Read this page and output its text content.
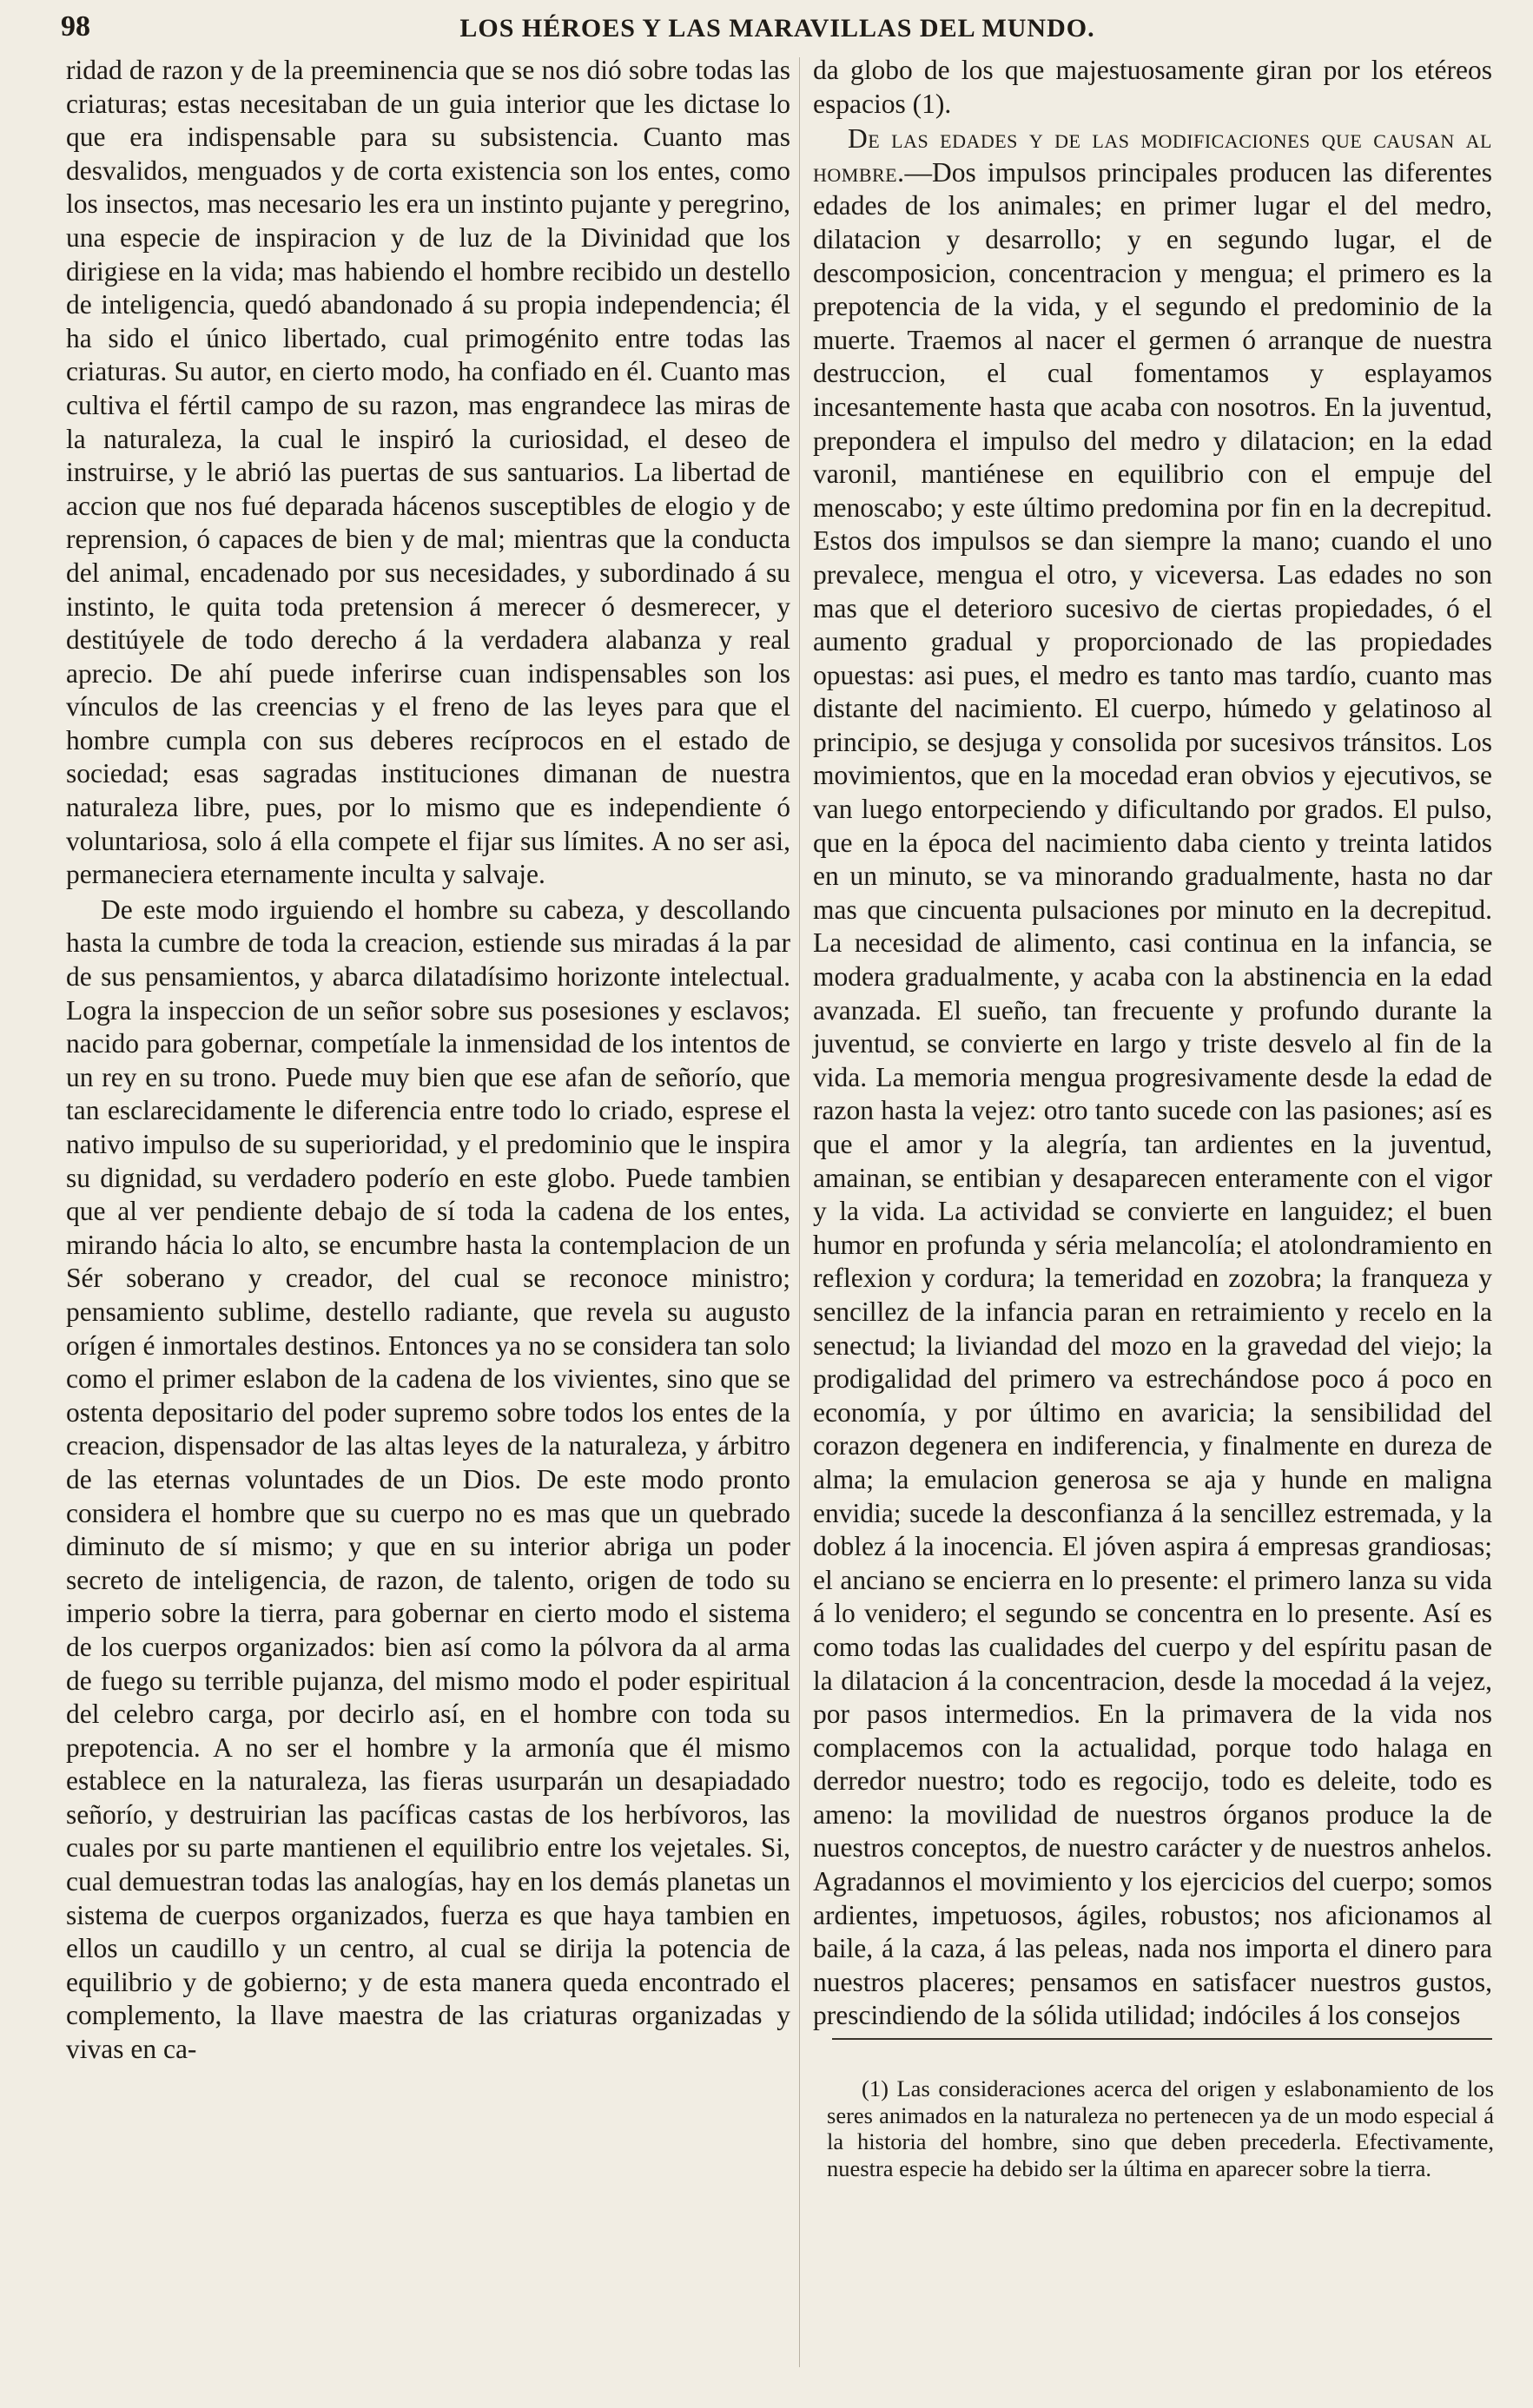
98	LOS HÉROES Y LAS MARAVILLAS DEL MUNDO.

ridad de razon y de la preeminencia que se nos dió sobre todas las criaturas; estas necesitaban de un guia interior que les dictase lo que era indispensable para su subsistencia. Cuanto mas desvalidos, menguados y de corta existencia son los entes, como los insectos, mas necesario les era un instinto pujante y peregrino, una especie de inspiracion y de luz de la Divinidad que los dirigiese en la vida; mas habiendo el hombre recibido un destello de inteligencia, quedó abandonado á su propia independencia; él ha sido el único libertado, cual primogénito entre todas las criaturas. Su autor, en cierto modo, ha confiado en él. Cuanto mas cultiva el fértil campo de su razon, mas engrandece las miras de la naturaleza, la cual le inspiró la curiosidad, el deseo de instruirse, y le abrió las puertas de sus santuarios. La libertad de accion que nos fué deparada hácenos susceptibles de elogio y de reprension, ó capaces de bien y de mal; mientras que la conducta del animal, encadenado por sus necesidades, y subordinado á su instinto, le quita toda pretension á merecer ó desmerecer, y destitúyele de todo derecho á la verdadera alabanza y real aprecio. De ahí puede inferirse cuan indispensables son los vínculos de las creencias y el freno de las leyes para que el hombre cumpla con sus deberes recíprocos en el estado de sociedad; esas sagradas instituciones dimanan de nuestra naturaleza libre, pues, por lo mismo que es independiente ó voluntariosa, solo á ella compete el fijar sus límites. A no ser asi, permaneciera eternamente inculta y salvaje.

De este modo irguiendo el hombre su cabeza, y descollando hasta la cumbre de toda la creacion, estiende sus miradas á la par de sus pensamientos, y abarca dilatadísimo horizonte intelectual. Logra la inspeccion de un señor sobre sus posesiones y esclavos; nacido para gobernar, competíale la inmensidad de los intentos de un rey en su trono. Puede muy bien que ese afan de señorío, que tan esclarecidamente le diferencia entre todo lo criado, esprese el nativo impulso de su superioridad, y el predominio que le inspira su dignidad, su verdadero poderío en este globo. Puede tambien que al ver pendiente debajo de sí toda la cadena de los entes, mirando hácia lo alto, se encumbre hasta la contemplacion de un Sér soberano y creador, del cual se reconoce ministro; pensamiento sublime, destello radiante, que revela su augusto orígen é inmortales destinos. Entonces ya no se considera tan solo como el primer eslabon de la cadena de los vivientes, sino que se ostenta depositario del poder supremo sobre todos los entes de la creacion, dispensador de las altas leyes de la naturaleza, y árbitro de las eternas voluntades de un Dios. De este modo pronto considera el hombre que su cuerpo no es mas que un quebrado diminuto de sí mismo; y que en su interior abriga un poder secreto de inteligencia, de razon, de talento, origen de todo su imperio sobre la tierra, para gobernar en cierto modo el sistema de los cuerpos organizados: bien así como la pólvora da al arma de fuego su terrible pujanza, del mismo modo el poder espiritual del celebro carga, por decirlo así, en el hombre con toda su prepotencia. A no ser el hombre y la armonía que él mismo establece en la naturaleza, las fieras usurparán un desapiadado señorío, y destruirian las pacíficas castas de los herbívoros, las cuales por su parte mantienen el equilibrio entre los vejetales. Si, cual demuestran todas las analogías, hay en los demás planetas un sistema de cuerpos organizados, fuerza es que haya tambien en ellos un caudillo y un centro, al cual se dirija la potencia de equilibrio y de gobierno; y de esta manera queda encontrado el complemento, la llave maestra de las criaturas organizadas y vivas en ca-

da globo de los que majestuosamente giran por los etéreos espacios (1).

De las edades y de las modificaciones que causan al hombre.—Dos impulsos principales producen las diferentes edades de los animales; en primer lugar el del medro, dilatacion y desarrollo; y en segundo lugar, el de descomposicion, concentracion y mengua; el primero es la prepotencia de la vida, y el segundo el predominio de la muerte. Traemos al nacer el germen ó arranque de nuestra destruccion, el cual fomentamos y esplayamos incesantemente hasta que acaba con nosotros. En la juventud, prepondera el impulso del medro y dilatacion; en la edad varonil, mantiénese en equilibrio con el empuje del menoscabo; y este último predomina por fin en la decrepitud. Estos dos impulsos se dan siempre la mano; cuando el uno prevalece, mengua el otro, y viceversa. Las edades no son mas que el deterioro sucesivo de ciertas propiedades, ó el aumento gradual y proporcionado de las propiedades opuestas: asi pues, el medro es tanto mas tardío, cuanto mas distante del nacimiento. El cuerpo, húmedo y gelatinoso al principio, se desjuga y consolida por sucesivos tránsitos. Los movimientos, que en la mocedad eran obvios y ejecutivos, se van luego entorpeciendo y dificultando por grados. El pulso, que en la época del nacimiento daba ciento y treinta latidos en un minuto, se va minorando gradualmente, hasta no dar mas que cincuenta pulsaciones por minuto en la decrepitud. La necesidad de alimento, casi continua en la infancia, se modera gradualmente, y acaba con la abstinencia en la edad avanzada. El sueño, tan frecuente y profundo durante la juventud, se convierte en largo y triste desvelo al fin de la vida. La memoria mengua progresivamente desde la edad de razon hasta la vejez: otro tanto sucede con las pasiones; así es que el amor y la alegría, tan ardientes en la juventud, amainan, se entibian y desaparecen enteramente con el vigor y la vida. La actividad se convierte en languidez; el buen humor en profunda y séria melancolía; el atolondramiento en reflexion y cordura; la temeridad en zozobra; la franqueza y sencillez de la infancia paran en retraimiento y recelo en la senectud; la liviandad del mozo en la gravedad del viejo; la prodigalidad del primero va estrechándose poco á poco en economía, y por último en avaricia; la sensibilidad del corazon degenera en indiferencia, y finalmente en dureza de alma; la emulacion generosa se aja y hunde en maligna envidia; sucede la desconfianza á la sencillez estremada, y la doblez á la inocencia. El jóven aspira á empresas grandiosas; el anciano se encierra en lo presente: el primero lanza su vida á lo venidero; el segundo se concentra en lo presente. Así es como todas las cualidades del cuerpo y del espíritu pasan de la dilatacion á la concentracion, desde la mocedad á la vejez, por pasos intermedios. En la primavera de la vida nos complacemos con la actualidad, porque todo halaga en derredor nuestro; todo es regocijo, todo es deleite, todo es ameno: la movilidad de nuestros órganos produce la de nuestros conceptos, de nuestro carácter y de nuestros anhelos. Agradannos el movimiento y los ejercicios del cuerpo; somos ardientes, impetuosos, ágiles, robustos; nos aficionamos al baile, á la caza, á las peleas, nada nos importa el dinero para nuestros placeres; pensamos en satisfacer nuestros gustos, prescindiendo de la sólida utilidad; indóciles á los consejos

(1) Las consideraciones acerca del origen y eslabonamiento de los seres animados en la naturaleza no pertenecen ya de un modo especial á la historia del hombre, sino que deben precederla. Efectivamente, nuestra especie ha debido ser la última en aparecer sobre la tierra.
